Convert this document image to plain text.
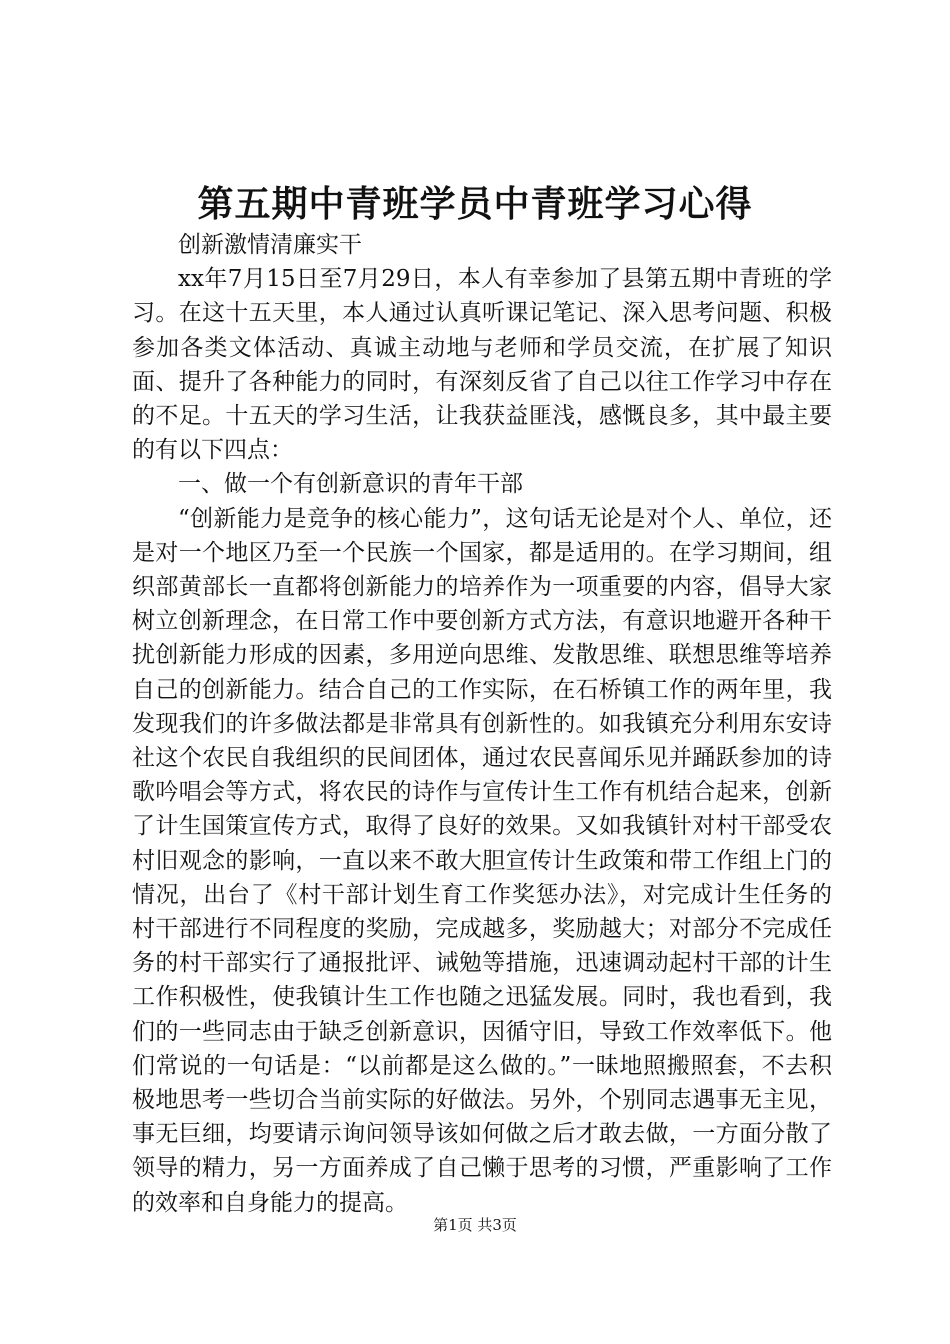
第五期中青班学员中青班学习心得

创新激情清廉实干

xx年7月15日至7月29日，本人有幸参加了县第五期中青班的学习。在这十五天里，本人通过认真听课记笔记、深入思考问题、积极参加各类文体活动、真诚主动地与老师和学员交流，在扩展了知识面、提升了各种能力的同时，有深刻反省了自己以往工作学习中存在的不足。十五天的学习生活，让我获益匪浅，感慨良多，其中最主要的有以下四点：

一、做一个有创新意识的青年干部

“创新能力是竞争的核心能力”，这句话无论是对个人、单位，还是对一个地区乃至一个民族一个国家，都是适用的。在学习期间，组织部黄部长一直都将创新能力的培养作为一项重要的内容，倡导大家树立创新理念，在日常工作中要创新方式方法，有意识地避开各种干扰创新能力形成的因素，多用逆向思维、发散思维、联想思维等培养自己的创新能力。结合自己的工作实际，在石桥镇工作的两年里，我发现我们的许多做法都是非常具有创新性的。如我镇充分利用东安诗社这个农民自我组织的民间团体，通过农民喜闻乐见并踊跃参加的诗歌吟唱会等方式，将农民的诗作与宣传计生工作有机结合起来，创新了计生国策宣传方式，取得了良好的效果。又如我镇针对村干部受农村旧观念的影响，一直以来不敢大胆宣传计生政策和带工作组上门的情况，出台了《村干部计划生育工作奖惩办法》，对完成计生任务的村干部进行不同程度的奖励，完成越多，奖励越大；对部分不完成任务的村干部实行了通报批评、诫勉等措施，迅速调动起村干部的计生工作积极性，使我镇计生工作也随之迅猛发展。同时，我也看到，我们的一些同志由于缺乏创新意识，因循守旧，导致工作效率低下。他们常说的一句话是：“以前都是这么做的。”一昧地照搬照套，不去积极地思考一些切合当前实际的好做法。另外，个别同志遇事无主见，事无巨细，均要请示询问领导该如何做之后才敢去做，一方面分散了领导的精力，另一方面养成了自己懒于思考的习惯，严重影响了工作的效率和自身能力的提高。

第1页 共3页
